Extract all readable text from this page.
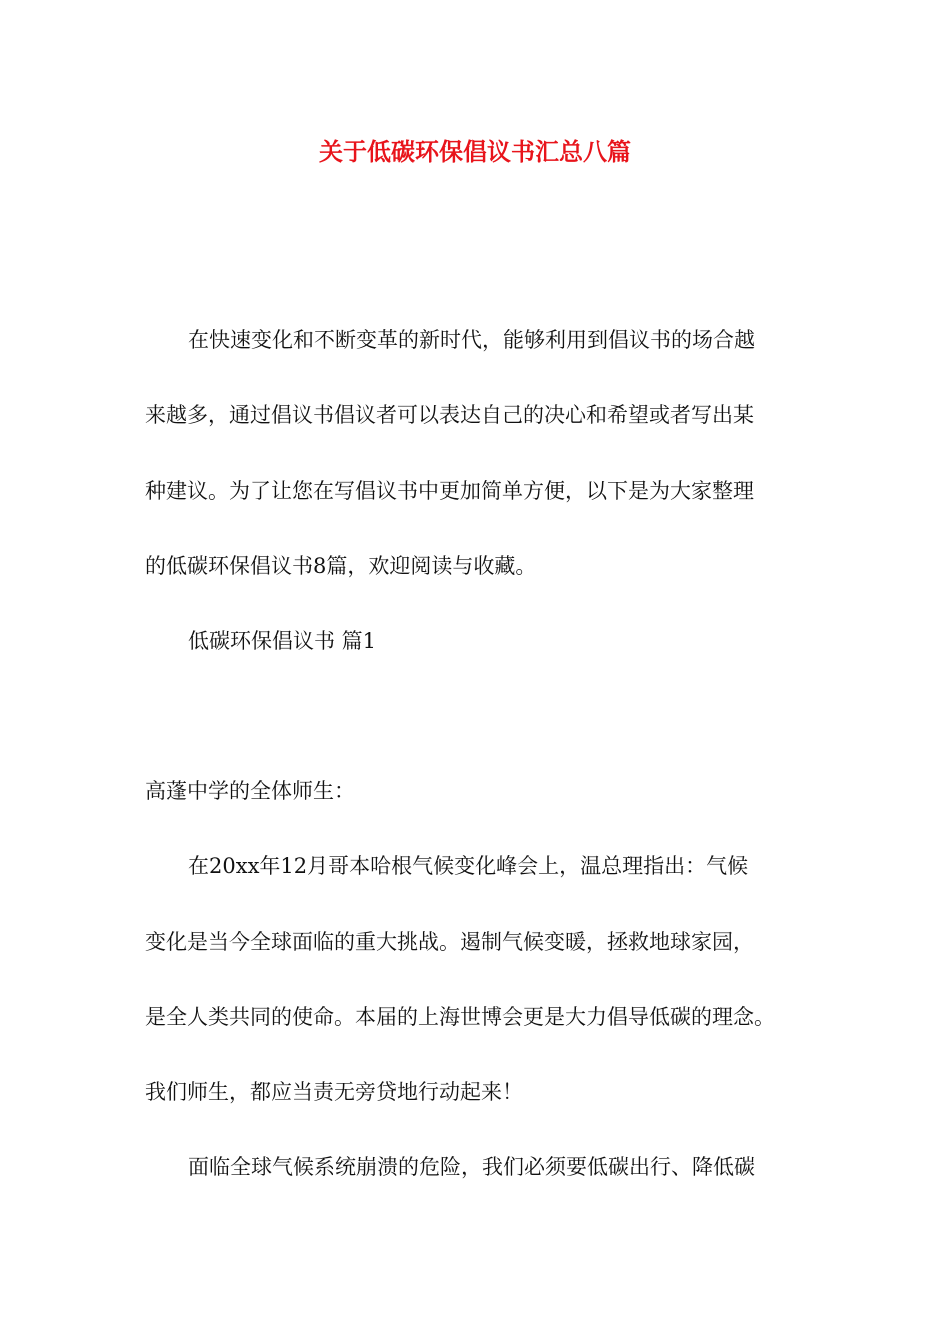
关于低碳环保倡议书汇总八篇
在快速变化和不断变革的新时代，能够利用到倡议书的场合越
来越多，通过倡议书倡议者可以表达自己的决心和希望或者写出某
种建议。为了让您在写倡议书中更加简单方便，以下是为大家整理
的低碳环保倡议书8篇，欢迎阅读与收藏。
低碳环保倡议书 篇1
高蓬中学的全体师生：
在20xx年12月哥本哈根气候变化峰会上，温总理指出：气候
变化是当今全球面临的重大挑战。遏制气候变暖，拯救地球家园，
是全人类共同的使命。本届的上海世博会更是大力倡导低碳的理念。
我们师生，都应当责无旁贷地行动起来！
面临全球气候系统崩溃的危险，我们必须要低碳出行、降低碳
